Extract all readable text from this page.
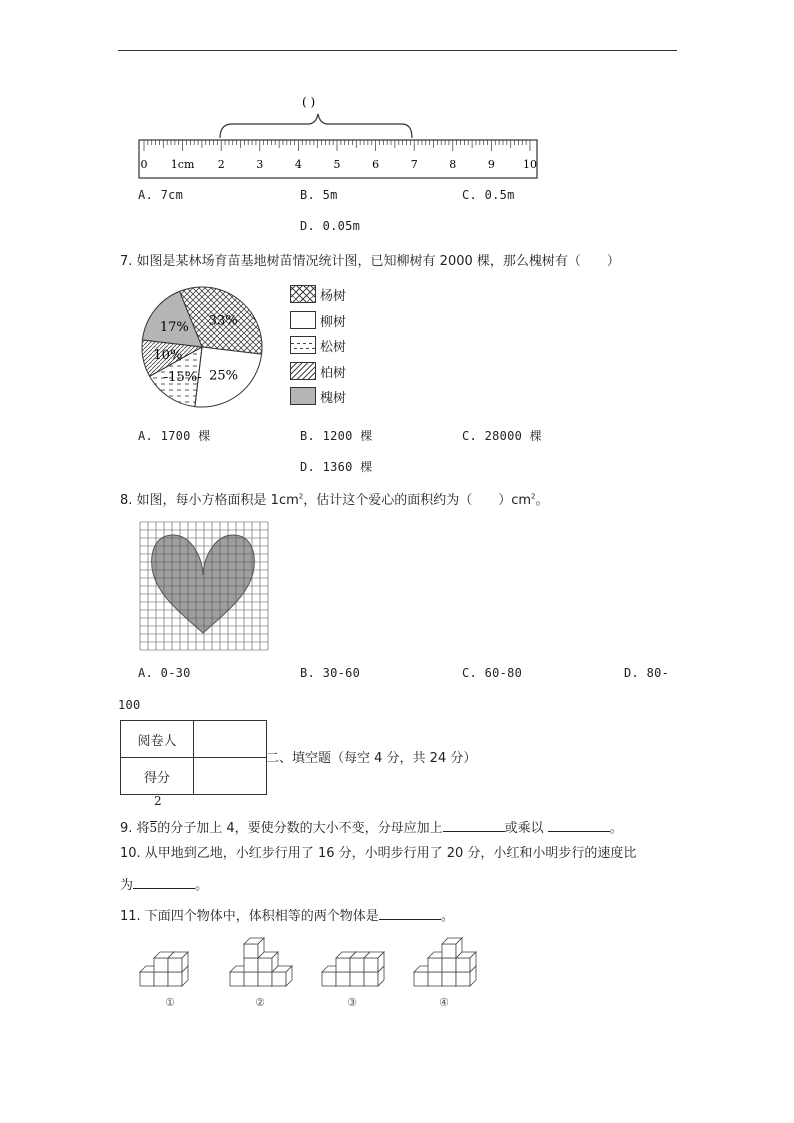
( )
0 1cm 2	3	4	5	6	7	8	9	10
A. 7cm	B. 5m	C. 0.5m
D. 0.05m
7. 如图是某林场育苗基地树苗情况统计图，已知柳树有 2000 棵，那么槐树有（　　）
33%
25%
-15%-
10%
17%
杨树
柳树
松树
柏树
槐树
A. 1700 棵	B. 1200 棵	C. 28000 棵
D. 1360 棵
8. 如图，每小方格面积是 $1cm^2$，估计这个爱心的面积约为（　　）$cm^2$。
A. 0-30	B. 30-60	C. 60-80	D. 80-
100
阅卷人	
得分	
二、填空题（每空 4 分，共 24 分）
2
9. 将5的分子加上 4，要使分数的大小不变，分母应加上	或乘以	。
10. 从甲地到乙地，小红步行用了 16 分，小明步行用了 20 分，小红和小明步行的速度比
为	。
11. 下面四个物体中，体积相等的两个物体是	。
①	②	③	④
